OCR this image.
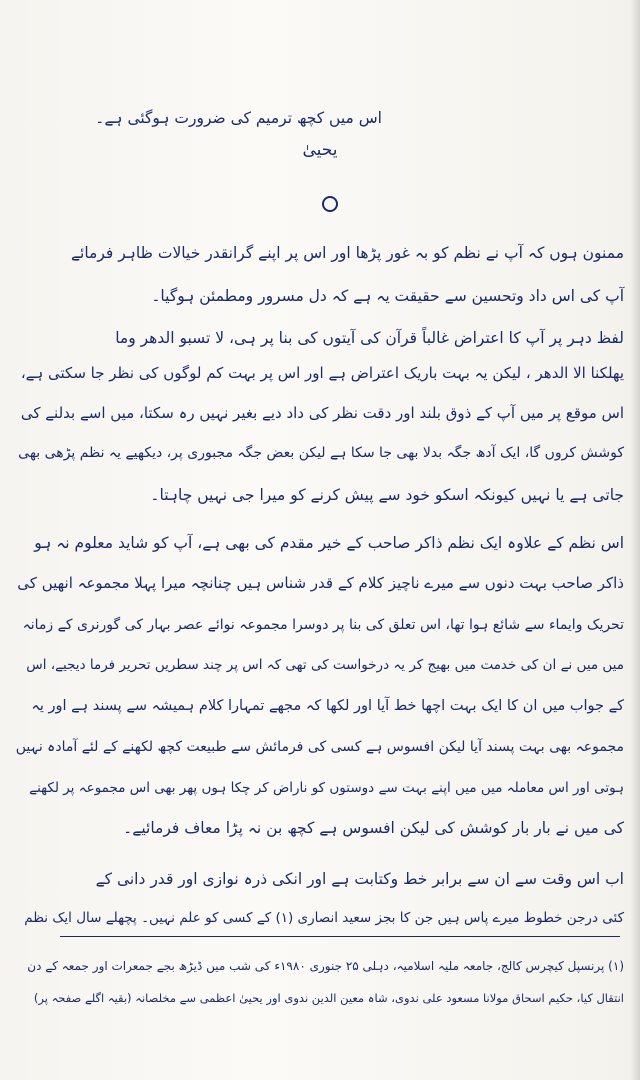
اس میں کچھ ترمیم کی ضرورت ہوگئی ہے۔
یحییٰ
ممنون ہوں کہ آپ نے نظم کو بہ غور پڑھا اور اس پر اپنے گرانقدر خیالات ظاہر فرمائے
آپ کی اس داد وتحسین سے حقیقت یہ ہے کہ دل مسرور ومطمئن ہوگیا۔
لفظ دہر پر آپ کا اعتراض غالباً قرآن کی آیتوں کی بنا پر ہی، لا تسبو الدھر وما
یھلکنا الا الدھر ، لیکن یہ بہت باریک اعتراض ہے اور اس پر بہت کم لوگوں کی نظر جا سکتی ہے،
اس موقع پر میں آپ کے ذوق بلند اور دقت نظر کی داد دیے بغیر نہیں رہ سکتا، میں اسے بدلنے کی
کوشش کروں گا، ایک آدھ جگہ بدلا بھی جا سکا ہے لیکن بعض جگہ مجبوری پر، دیکھیے یہ نظم پڑھی بھی
جاتی ہے یا نہیں کیونکہ اسکو خود سے پیش کرنے کو میرا جی نہیں چاہتا۔
اس نظم کے علاوہ ایک نظم ذاکر صاحب کے خیر مقدم کی بھی ہے، آپ کو شاید معلوم نہ ہو
ذاکر صاحب بہت دنوں سے میرے ناچیز کلام کے قدر شناس ہیں چنانچہ میرا پہلا مجموعہ انھیں کی
تحریک وایماء سے شائع ہوا تھا، اس تعلق کی بنا پر دوسرا مجموعہ نوائے عصر بہار کی گورنری کے زمانہ
میں میں نے ان کی خدمت میں بھیج کر یہ درخواست کی تھی کہ اس پر چند سطریں تحریر فرما دیجیے، اس
کے جواب میں ان کا ایک بہت اچھا خط آیا اور لکھا کہ مجھے تمہارا کلام ہمیشہ سے پسند ہے اور یہ
مجموعہ بھی بہت پسند آیا لیکن افسوس ہے کسی کی فرمائش سے طبیعت کچھ لکھنے کے لئے آمادہ نہیں
ہوتی اور اس معاملہ میں میں اپنے بہت سے دوستوں کو ناراض کر چکا ہوں پھر بھی اس مجموعہ پر لکھنے
کی میں نے بار بار کوشش کی لیکن افسوس ہے کچھ بن نہ پڑا معاف فرمائیے۔
اب اس وقت سے ان سے برابر خط وکتابت ہے اور انکی ذرہ نوازی اور قدر دانی کے
کئی درجن خطوط میرے پاس ہیں جن کا بجز سعید انصاری (۱) کے کسی کو علم نہیں۔ پچھلے سال ایک نظم
(۱) پرنسپل کیچرس کالج، جامعہ ملیہ اسلامیہ، دہلی ۲۵ جنوری ۱۹۸۰ء کی شب میں ڈیڑھ بجے جمعرات اور جمعہ کے دن
انتقال کیا، حکیم اسحاق مولانا مسعود علی ندوی، شاہ معین الدین ندوی اور یحییٰ اعظمی سے مخلصانہ (بقیہ اگلے صفحہ پر)
